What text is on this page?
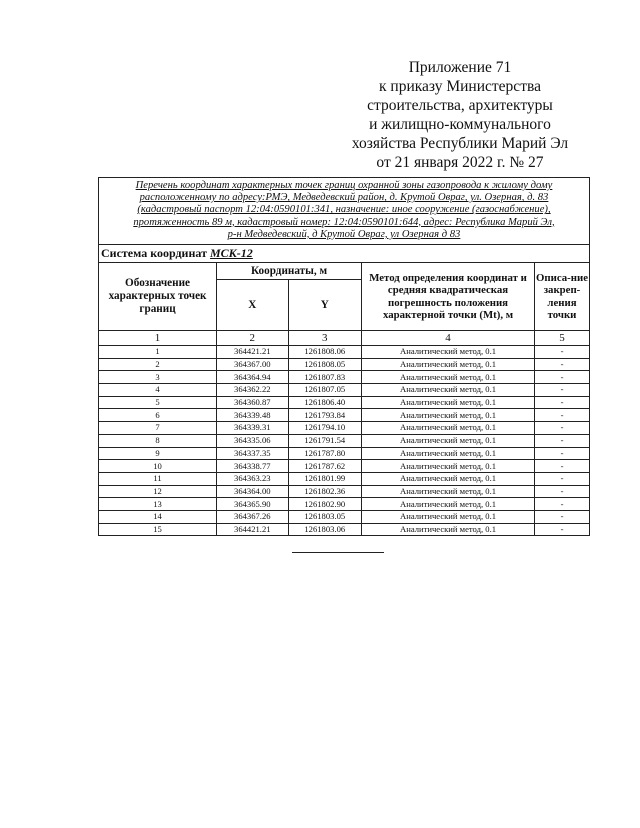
Приложение 71
к приказу Министерства
строительства, архитектуры
и жилищно-коммунального
хозяйства Республики Марий Эл
от 21 января 2022 г. № 27
Перечень координат характерных точек границ охранной зоны газопровода к жилому дому
расположенному по адресу:РМЭ, Медведевский район, д. Крутой Овраг, ул. Озерная, д. 83
(кадастровый паспорт 12:04:0590101:341, назначение: иное сооружение (газоснабжение),
протяженность 89 м, кадастровый номер: 12:04:0590101:644, адрес: Республика Марий Эл,
р-н Медведевский, д Крутой Овраг, ул Озерная д 83				

Система координат МСК-12				
Обозначение характерных точек границ	Координаты, м		Метод определения координат и средняя квадратическая погрешность положения характерной точки (Мt), м	Описа-ние закреп-ления точки
	X	Y		
1	2	3	4	5
1	364421.21	1261808.06	Аналитический метод, 0.1	-
2	364367.00	1261808.05	Аналитический метод, 0.1	-
3	364364.94	1261807.83	Аналитический метод, 0.1	-
4	364362.22	1261807.05	Аналитический метод, 0.1	-
5	364360.87	1261806.40	Аналитический метод, 0.1	-
6	364339.48	1261793.84	Аналитический метод, 0.1	-
7	364339.31	1261794.10	Аналитический метод, 0.1	-
8	364335.06	1261791.54	Аналитический метод, 0.1	-
9	364337.35	1261787.80	Аналитический метод, 0.1	-
10	364338.77	1261787.62	Аналитический метод, 0.1	-
11	364363.23	1261801.99	Аналитический метод, 0.1	-
12	364364.00	1261802.36	Аналитический метод, 0.1	-
13	364365.90	1261802.90	Аналитический метод, 0.1	-
14	364367.26	1261803.05	Аналитический метод, 0.1	-
15	364421.21	1261803.06	Аналитический метод, 0.1	-
